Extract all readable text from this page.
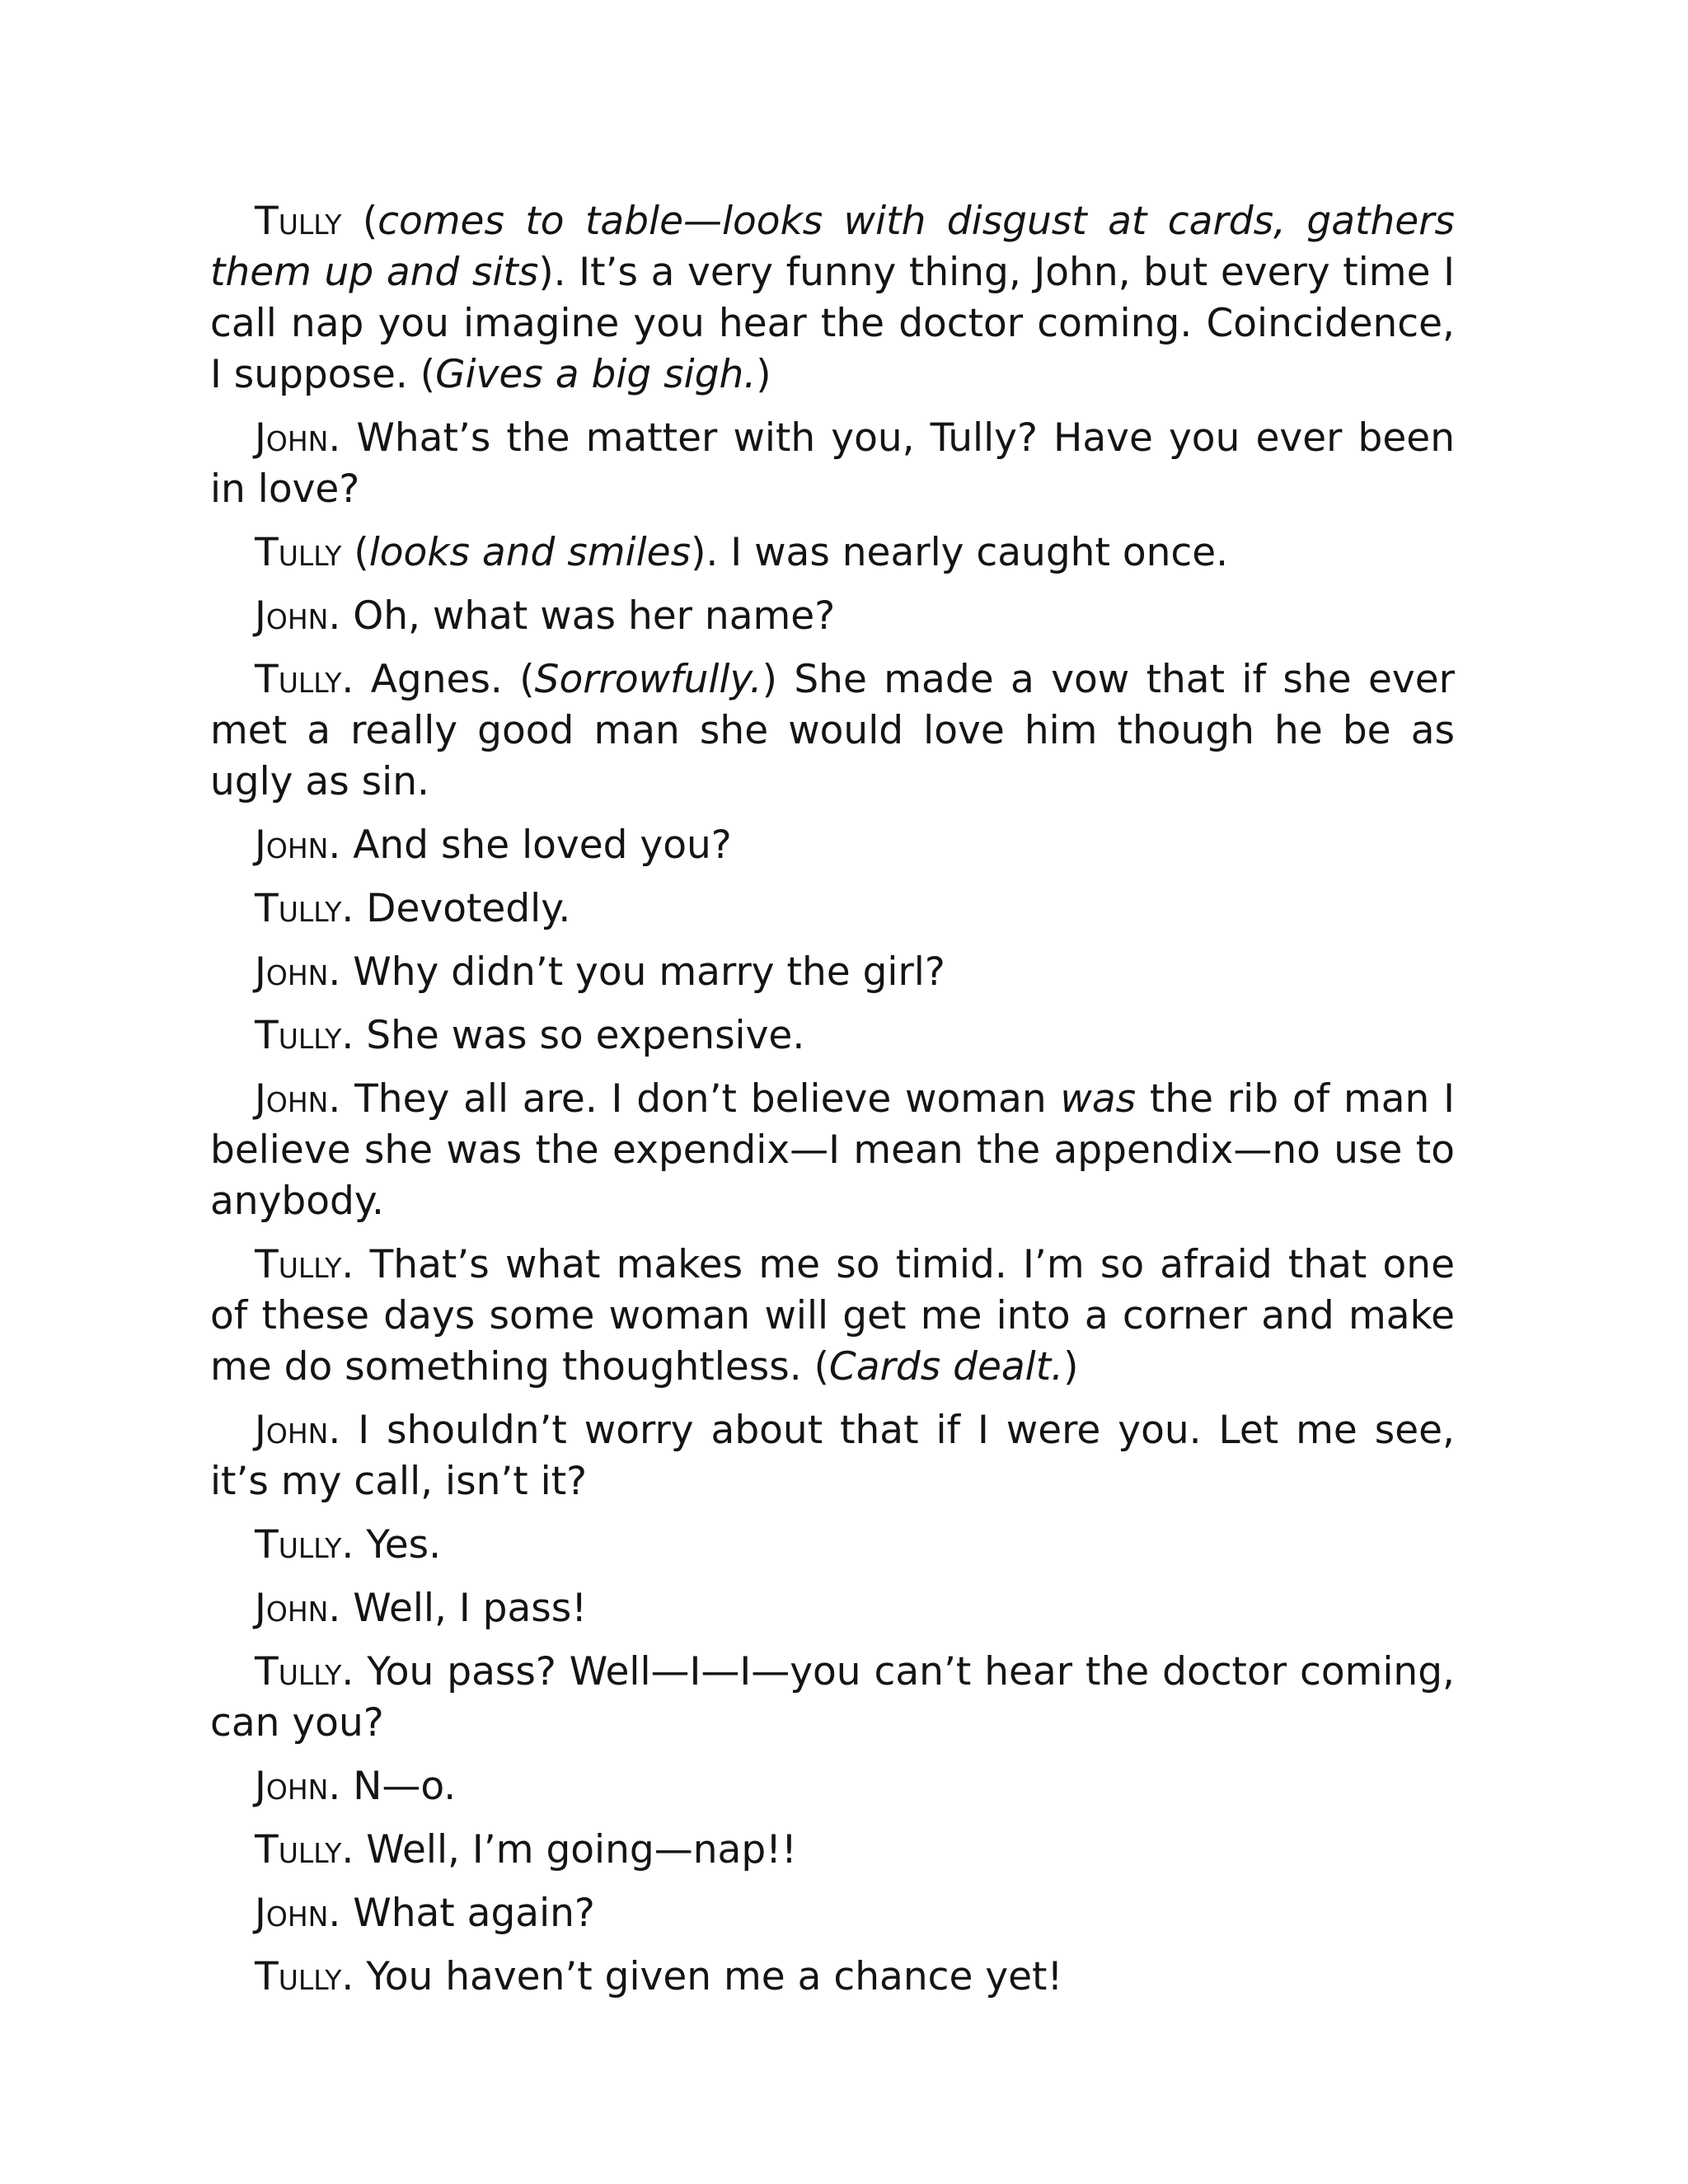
Tully (comes to table—looks with disgust at cards, gathers them up and sits). It’s a very funny thing, John, but every time I call nap you imagine you hear the doctor coming. Coincidence, I suppose. (Gives a big sigh.)

John. What’s the matter with you, Tully? Have you ever been in love?

Tully (looks and smiles). I was nearly caught once.

John. Oh, what was her name?

Tully. Agnes. (Sorrowfully.) She made a vow that if she ever met a really good man she would love him though he be as ugly as sin.

John. And she loved you?

Tully. Devotedly.

John. Why didn’t you marry the girl?

Tully. She was so expensive.

John. They all are. I don’t believe woman was the rib of man I believe she was the expendix—I mean the appendix—no use to anybody.

Tully. That’s what makes me so timid. I’m so afraid that one of these days some woman will get me into a corner and make me do something thoughtless. (Cards dealt.)

John. I shouldn’t worry about that if I were you. Let me see, it’s my call, isn’t it?

Tully. Yes.

John. Well, I pass!

Tully. You pass? Well—I—I—you can’t hear the doctor coming, can you?

John. N—o.

Tully. Well, I’m going—nap!!

John. What again?

Tully. You haven’t given me a chance yet!
